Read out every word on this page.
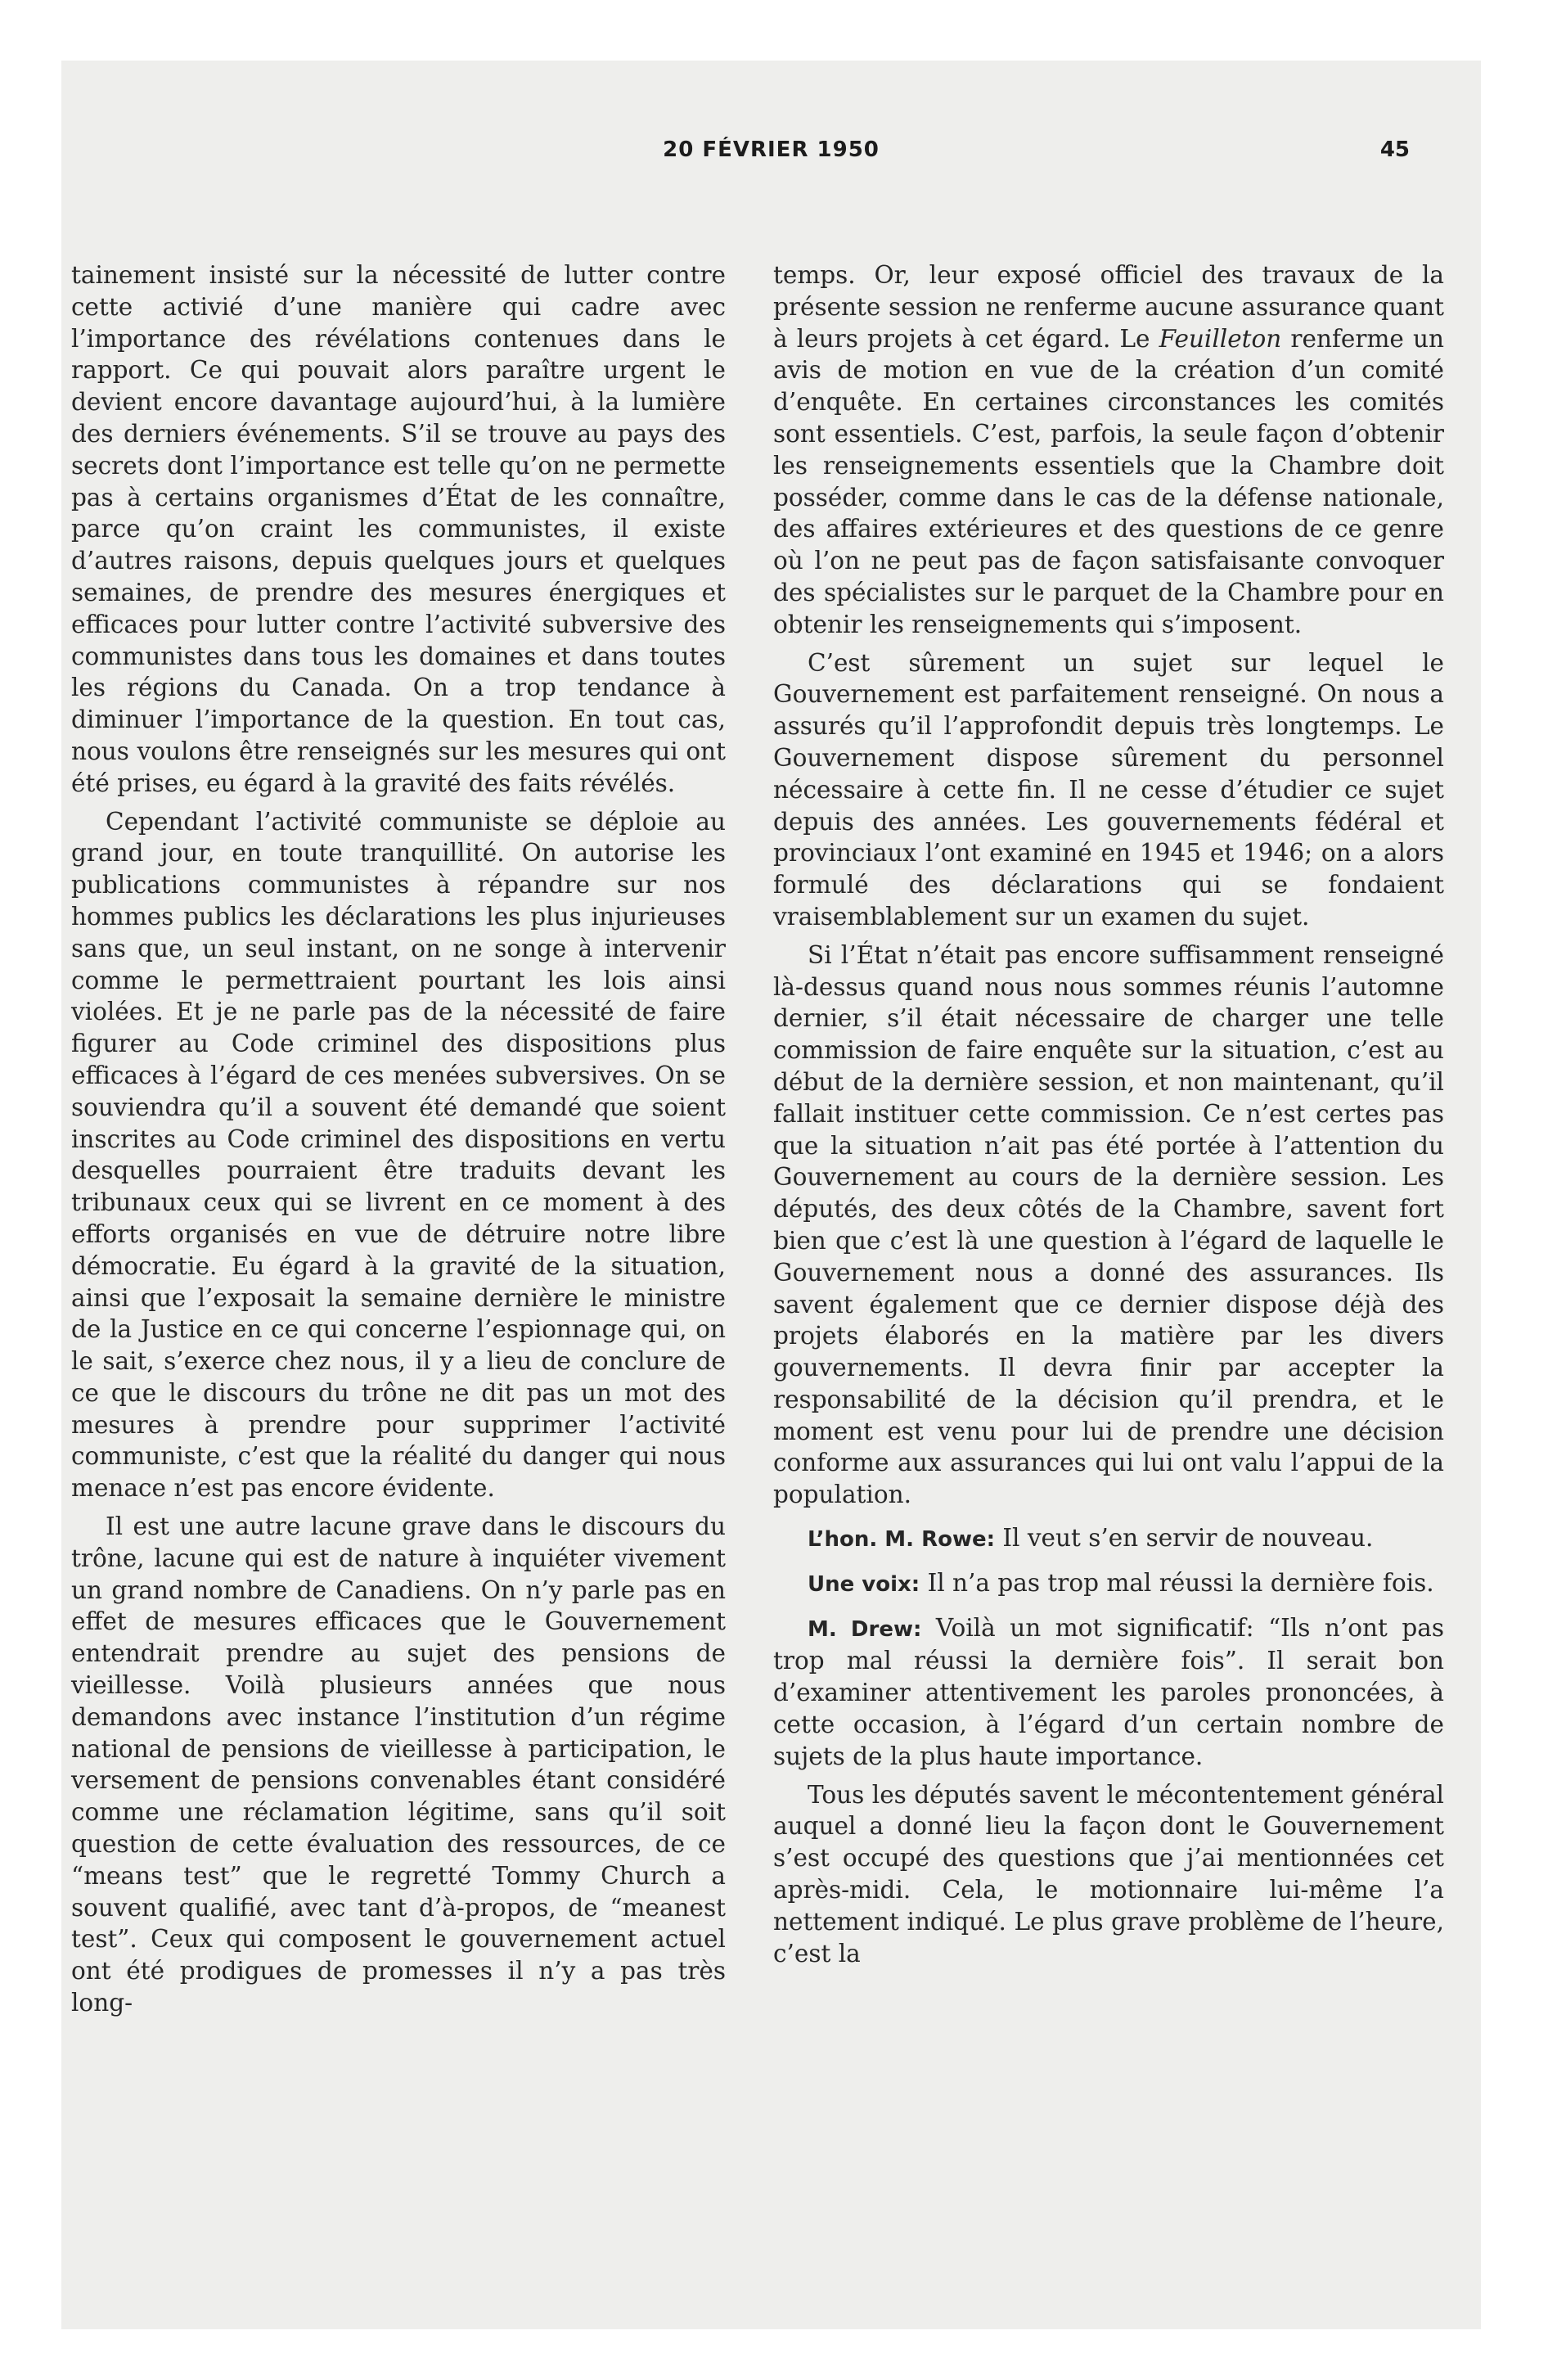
20 FÉVRIER 1950	45

tainement insisté sur la nécessité de lutter contre cette activié d’une manière qui cadre avec l’importance des révélations contenues dans le rapport. Ce qui pouvait alors paraître urgent le devient encore davantage aujourd’hui, à la lumière des derniers événements. S’il se trouve au pays des secrets dont l’importance est telle qu’on ne permette pas à certains organismes d’État de les connaître, parce qu’on craint les communistes, il existe d’autres raisons, depuis quelques jours et quelques semaines, de prendre des mesures énergiques et efficaces pour lutter contre l’activité subversive des communistes dans tous les domaines et dans toutes les régions du Canada. On a trop tendance à diminuer l’importance de la question. En tout cas, nous voulons être renseignés sur les mesures qui ont été prises, eu égard à la gravité des faits révélés.

Cependant l’activité communiste se déploie au grand jour, en toute tranquillité. On autorise les publications communistes à répandre sur nos hommes publics les déclarations les plus injurieuses sans que, un seul instant, on ne songe à intervenir comme le permettraient pourtant les lois ainsi violées. Et je ne parle pas de la nécessité de faire figurer au Code criminel des dispositions plus efficaces à l’égard de ces menées subversives. On se souviendra qu’il a souvent été demandé que soient inscrites au Code criminel des dispositions en vertu desquelles pourraient être traduits devant les tribunaux ceux qui se livrent en ce moment à des efforts organisés en vue de détruire notre libre démocratie. Eu égard à la gravité de la situation, ainsi que l’exposait la semaine dernière le ministre de la Justice en ce qui concerne l’espionnage qui, on le sait, s’exerce chez nous, il y a lieu de conclure de ce que le discours du trône ne dit pas un mot des mesures à prendre pour supprimer l’activité communiste, c’est que la réalité du danger qui nous menace n’est pas encore évidente.

Il est une autre lacune grave dans le discours du trône, lacune qui est de nature à inquiéter vivement un grand nombre de Canadiens. On n’y parle pas en effet de mesures efficaces que le Gouvernement entendrait prendre au sujet des pensions de vieillesse. Voilà plusieurs années que nous demandons avec instance l’institution d’un régime national de pensions de vieillesse à participation, le versement de pensions convenables étant considéré comme une réclamation légitime, sans qu’il soit question de cette évaluation des ressources, de ce “means test” que le regretté Tommy Church a souvent qualifié, avec tant d’à-propos, de “meanest test”. Ceux qui composent le gouvernement actuel ont été prodigues de promesses il n’y a pas très long-

temps. Or, leur exposé officiel des travaux de la présente session ne renferme aucune assurance quant à leurs projets à cet égard. Le Feuilleton renferme un avis de motion en vue de la création d’un comité d’enquête. En certaines circonstances les comités sont essentiels. C’est, parfois, la seule façon d’obtenir les renseignements essentiels que la Chambre doit posséder, comme dans le cas de la défense nationale, des affaires extérieures et des questions de ce genre où l’on ne peut pas de façon satisfaisante convoquer des spécialistes sur le parquet de la Chambre pour en obtenir les renseignements qui s’imposent.

C’est sûrement un sujet sur lequel le Gouvernement est parfaitement renseigné. On nous a assurés qu’il l’approfondit depuis très longtemps. Le Gouvernement dispose sûrement du personnel nécessaire à cette fin. Il ne cesse d’étudier ce sujet depuis des années. Les gouvernements fédéral et provinciaux l’ont examiné en 1945 et 1946; on a alors formulé des déclarations qui se fondaient vraisemblablement sur un examen du sujet.

Si l’État n’était pas encore suffisamment renseigné là-dessus quand nous nous sommes réunis l’automne dernier, s’il était nécessaire de charger une telle commission de faire enquête sur la situation, c’est au début de la dernière session, et non maintenant, qu’il fallait instituer cette commission. Ce n’est certes pas que la situation n’ait pas été portée à l’attention du Gouvernement au cours de la dernière session. Les députés, des deux côtés de la Chambre, savent fort bien que c’est là une question à l’égard de laquelle le Gouvernement nous a donné des assurances. Ils savent également que ce dernier dispose déjà des projets élaborés en la matière par les divers gouvernements. Il devra finir par accepter la responsabilité de la décision qu’il prendra, et le moment est venu pour lui de prendre une décision conforme aux assurances qui lui ont valu l’appui de la population.

L’hon. M. Rowe: Il veut s’en servir de nouveau.

Une voix: Il n’a pas trop mal réussi la dernière fois.

M. Drew: Voilà un mot significatif: “Ils n’ont pas trop mal réussi la dernière fois”. Il serait bon d’examiner attentivement les paroles prononcées, à cette occasion, à l’égard d’un certain nombre de sujets de la plus haute importance.

Tous les députés savent le mécontentement général auquel a donné lieu la façon dont le Gouvernement s’est occupé des questions que j’ai mentionnées cet après-midi. Cela, le motionnaire lui-même l’a nettement indiqué. Le plus grave problème de l’heure, c’est la
